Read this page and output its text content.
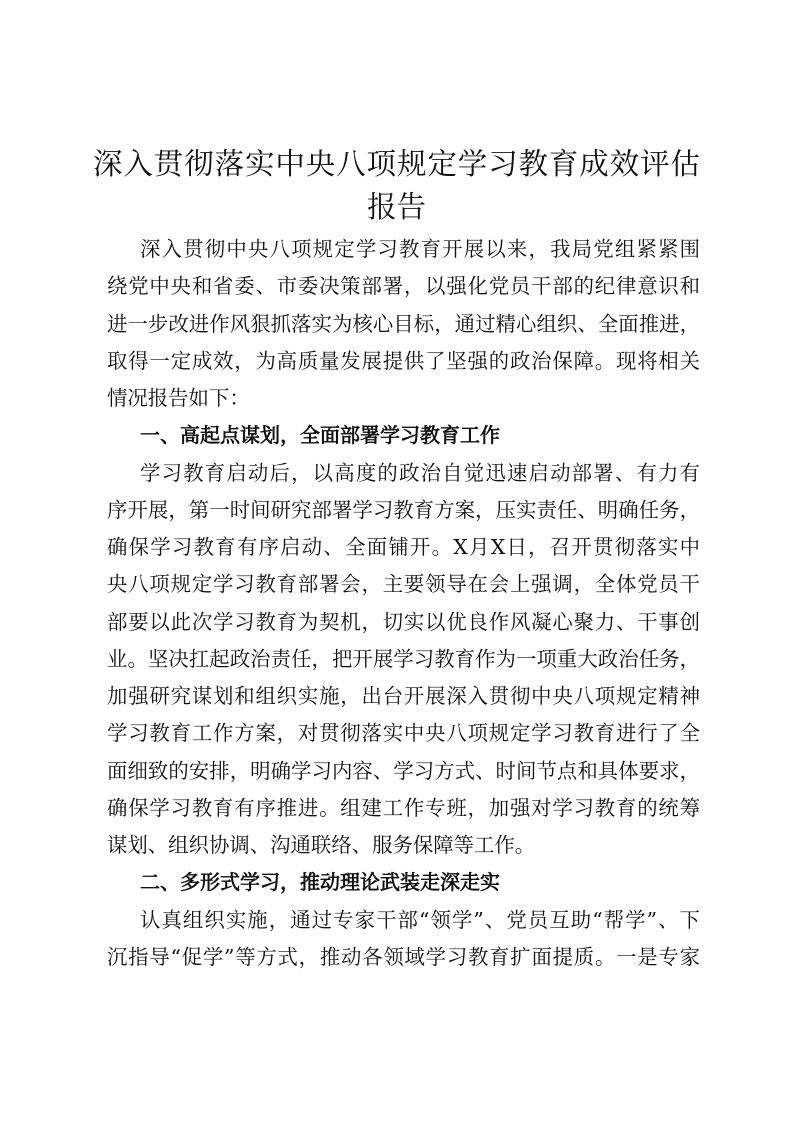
深入贯彻落实中央八项规定学习教育成效评估
报告
深入贯彻中央八项规定学习教育开展以来，我局党组紧紧围
绕党中央和省委、市委决策部署，以强化党员干部的纪律意识和
进一步改进作风狠抓落实为核心目标，通过精心组织、全面推进，
取得一定成效，为高质量发展提供了坚强的政治保障。现将相关
情况报告如下：
一、高起点谋划，全面部署学习教育工作
学习教育启动后，以高度的政治自觉迅速启动部署、有力有
序开展，第一时间研究部署学习教育方案，压实责任、明确任务，
确保学习教育有序启动、全面铺开。X月X日，召开贯彻落实中
央八项规定学习教育部署会，主要领导在会上强调，全体党员干
部要以此次学习教育为契机，切实以优良作风凝心聚力、干事创
业。坚决扛起政治责任，把开展学习教育作为一项重大政治任务，
加强研究谋划和组织实施，出台开展深入贯彻中央八项规定精神
学习教育工作方案，对贯彻落实中央八项规定学习教育进行了全
面细致的安排，明确学习内容、学习方式、时间节点和具体要求，
确保学习教育有序推进。组建工作专班，加强对学习教育的统筹
谋划、组织协调、沟通联络、服务保障等工作。
二、多形式学习，推动理论武装走深走实
认真组织实施，通过专家干部“领学”、党员互助“帮学”、下
沉指导“促学”等方式，推动各领域学习教育扩面提质。一是专家
